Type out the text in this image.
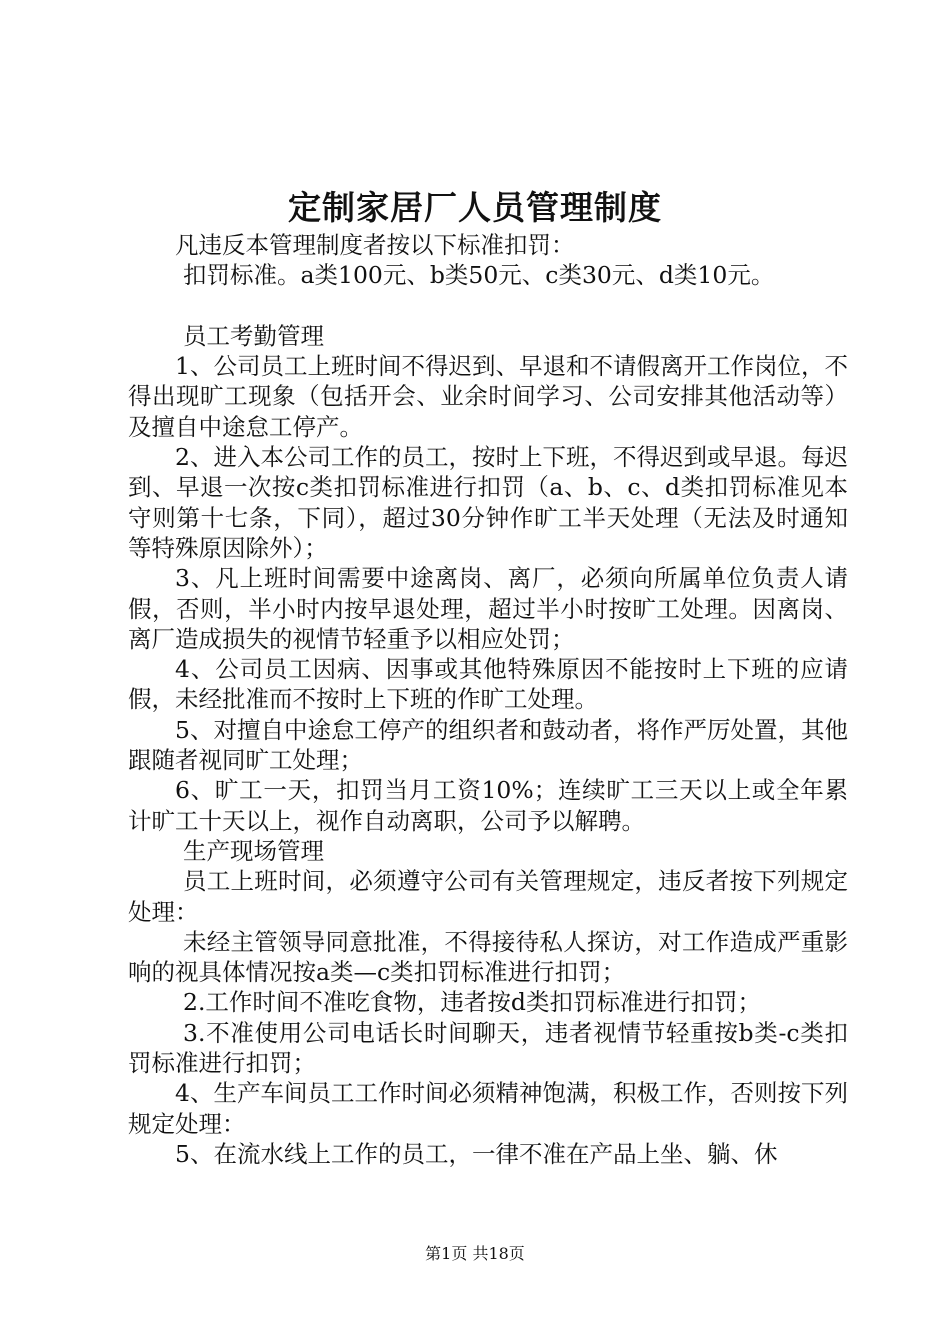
定制家居厂人员管理制度

凡违反本管理制度者按以下标准扣罚：

扣罚标准。a类100元、b类50元、c类30元、d类10元。

员工考勤管理

1、公司员工上班时间不得迟到、早退和不请假离开工作岗位，不得出现旷工现象（包括开会、业余时间学习、公司安排其他活动等）及擅自中途怠工停产。

2、进入本公司工作的员工，按时上下班，不得迟到或早退。每迟到、早退一次按c类扣罚标准进行扣罚（a、b、c、d类扣罚标准见本守则第十七条，下同），超过30分钟作旷工半天处理（无法及时通知等特殊原因除外）；

3、凡上班时间需要中途离岗、离厂，必须向所属单位负责人请假，否则，半小时内按早退处理，超过半小时按旷工处理。因离岗、离厂造成损失的视情节轻重予以相应处罚；

4、公司员工因病、因事或其他特殊原因不能按时上下班的应请假，未经批准而不按时上下班的作旷工处理。

5、对擅自中途怠工停产的组织者和鼓动者，将作严厉处置，其他跟随者视同旷工处理；

6、旷工一天，扣罚当月工资10%；连续旷工三天以上或全年累计旷工十天以上，视作自动离职，公司予以解聘。

生产现场管理

员工上班时间，必须遵守公司有关管理规定，违反者按下列规定处理：

未经主管领导同意批准，不得接待私人探访，对工作造成严重影响的视具体情况按a类—c类扣罚标准进行扣罚；

2.工作时间不准吃食物，违者按d类扣罚标准进行扣罚；

3.不准使用公司电话长时间聊天，违者视情节轻重按b类-c类扣罚标准进行扣罚；

4、生产车间员工工作时间必须精神饱满，积极工作，否则按下列规定处理：

5、在流水线上工作的员工，一律不准在产品上坐、躺、休

第1页 共18页
